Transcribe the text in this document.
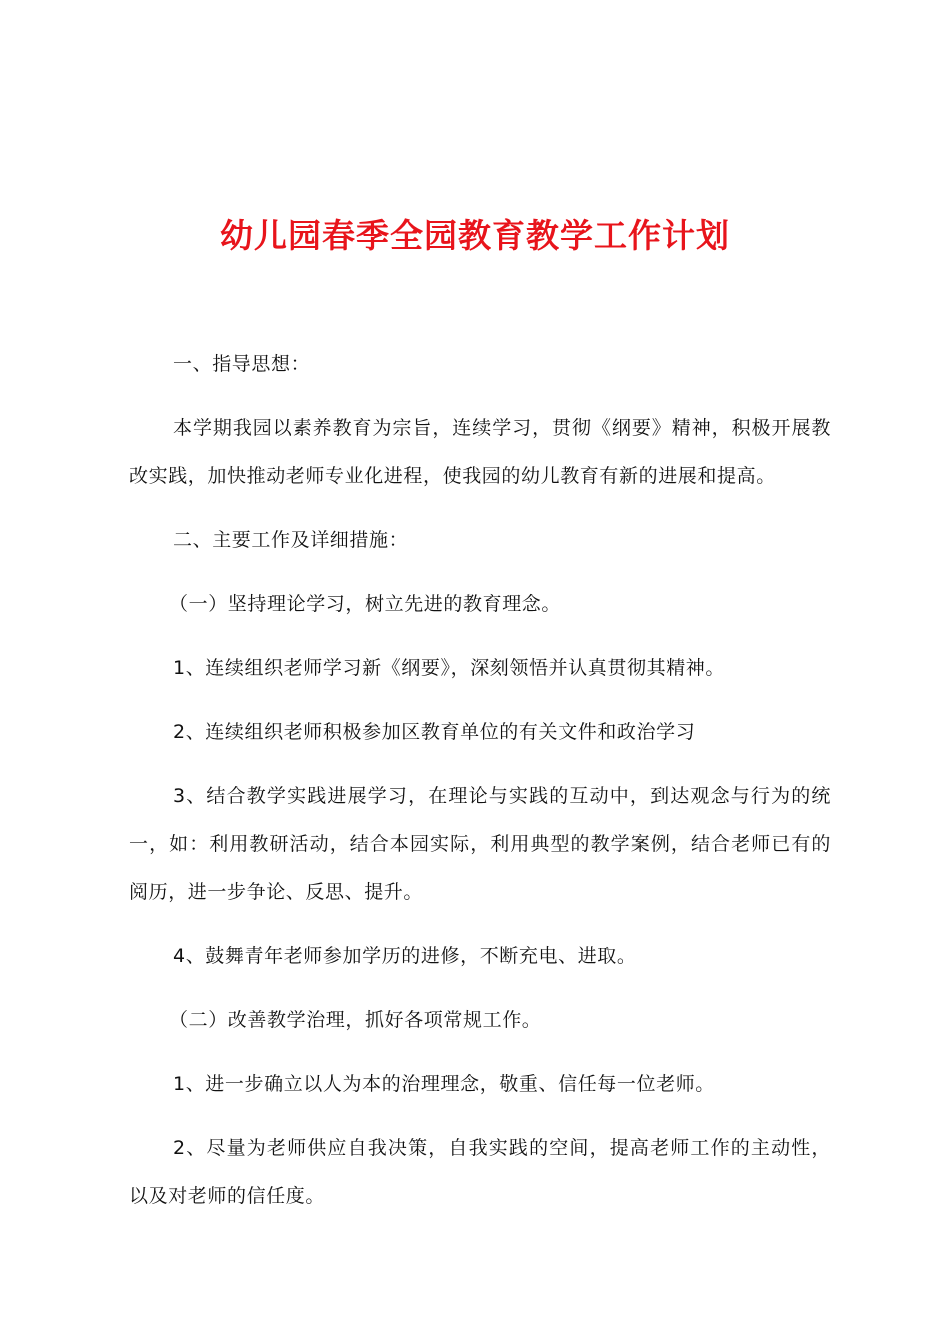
幼儿园春季全园教育教学工作计划

一、指导思想：

本学期我园以素养教育为宗旨，连续学习，贯彻《纲要》精神，积极开展教改实践，加快推动老师专业化进程，使我园的幼儿教育有新的进展和提高。

二、主要工作及详细措施：

（一）坚持理论学习，树立先进的教育理念。

1、连续组织老师学习新《纲要》，深刻领悟并认真贯彻其精神。

2、连续组织老师积极参加区教育单位的有关文件和政治学习

3、结合教学实践进展学习，在理论与实践的互动中，到达观念与行为的统一，如：利用教研活动，结合本园实际，利用典型的教学案例，结合老师已有的阅历，进一步争论、反思、提升。

4、鼓舞青年老师参加学历的进修，不断充电、进取。

（二）改善教学治理，抓好各项常规工作。

1、进一步确立以人为本的治理理念，敬重、信任每一位老师。

2、尽量为老师供应自我决策，自我实践的空间，提高老师工作的主动性，以及对老师的信任度。
